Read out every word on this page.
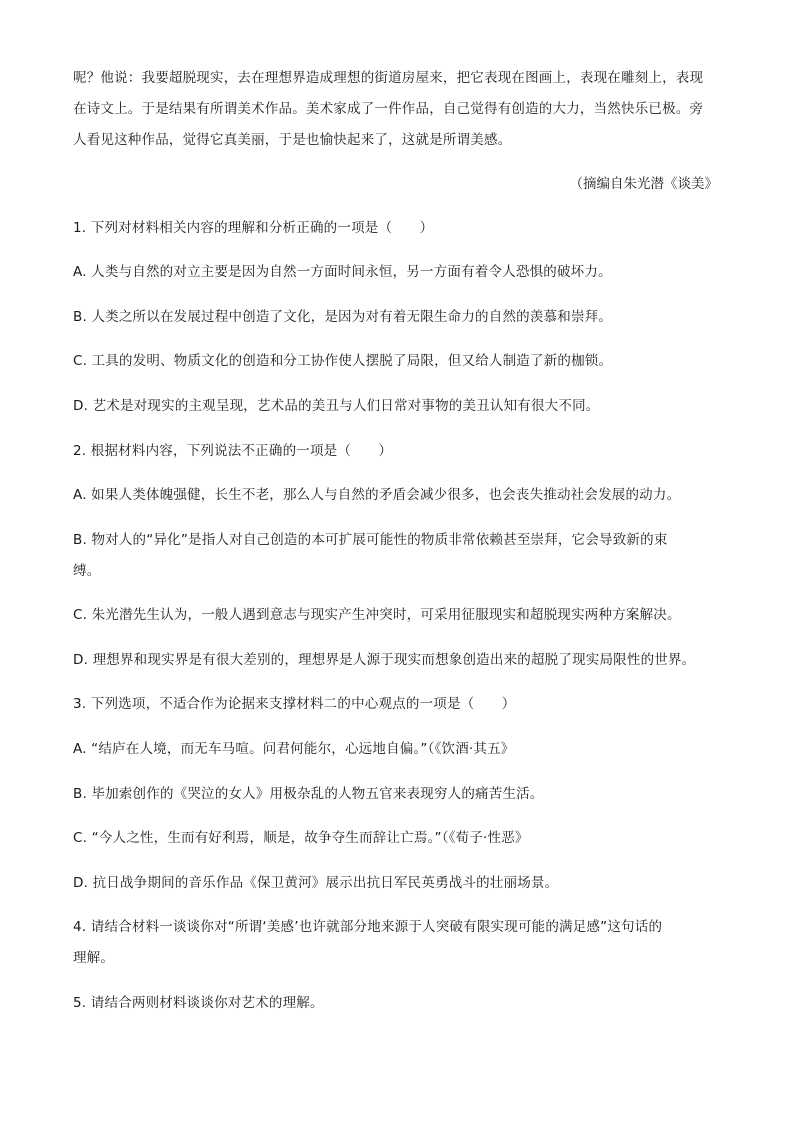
呢？他说：我要超脱现实，去在理想界造成理想的街道房屋来，把它表现在图画上，表现在雕刻上，表现
在诗文上。于是结果有所谓美术作品。美术家成了一件作品，自己觉得有创造的大力，当然快乐已极。旁
人看见这种作品，觉得它真美丽，于是也愉快起来了，这就是所谓美感。
（摘编自朱光潜《谈美》
1. 下列对材料相关内容的理解和分析正确的一项是（　　）
A. 人类与自然的对立主要是因为自然一方面时间永恒，另一方面有着令人恐惧的破坏力。
B. 人类之所以在发展过程中创造了文化，是因为对有着无限生命力的自然的羡慕和崇拜。
C. 工具的发明、物质文化的创造和分工协作使人摆脱了局限，但又给人制造了新的枷锁。
D. 艺术是对现实的主观呈现，艺术品的美丑与人们日常对事物的美丑认知有很大不同。
2. 根据材料内容，下列说法不正确的一项是（　　）
A. 如果人类体魄强健，长生不老，那么人与自然的矛盾会减少很多，也会丧失推动社会发展的动力。
B. 物对人的“异化”是指人对自己创造的本可扩展可能性的物质非常依赖甚至崇拜，它会导致新的束
缚。
C. 朱光潜先生认为，一般人遇到意志与现实产生冲突时，可采用征服现实和超脱现实两种方案解决。
D. 理想界和现实界是有很大差别的，理想界是人源于现实而想象创造出来的超脱了现实局限性的世界。
3. 下列选项，不适合作为论据来支撑材料二的中心观点的一项是（　　）
A. “结庐在人境，而无车马喧。问君何能尔，心远地自偏。”（《饮酒·其五》
B. 毕加索创作的《哭泣的女人》用极杂乱的人物五官来表现穷人的痛苦生活。
C. “今人之性，生而有好利焉，顺是，故争夺生而辞让亡焉。”（《荀子·性恶》
D. 抗日战争期间的音乐作品《保卫黄河》展示出抗日军民英勇战斗的壮丽场景。
4. 请结合材料一谈谈你对“所谓‘美感’也许就部分地来源于人突破有限实现可能的满足感”这句话的
理解。
5. 请结合两则材料谈谈你对艺术的理解。
